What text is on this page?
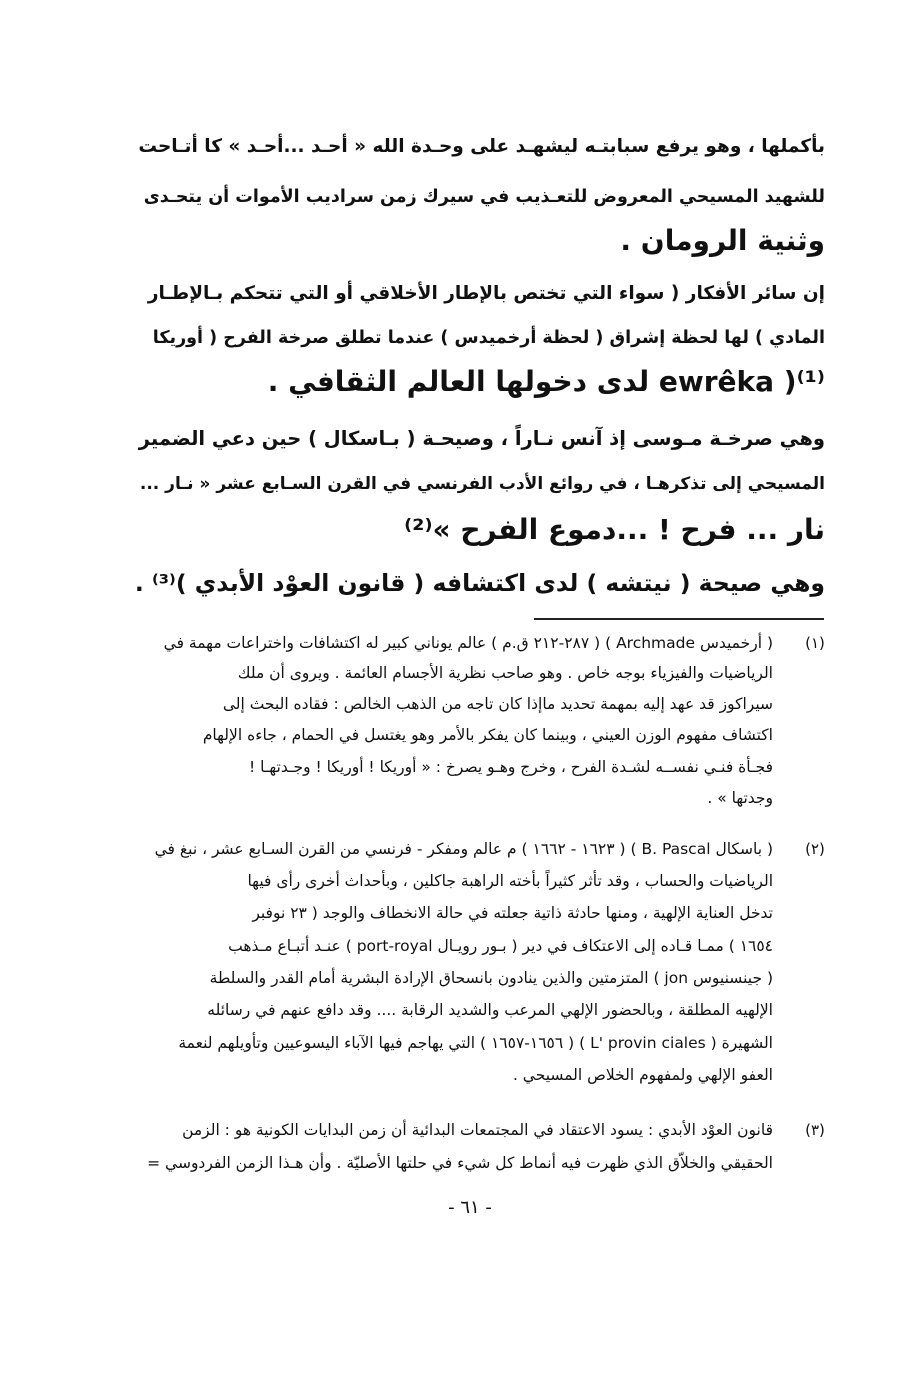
بأكملها ، وهو يرفع سبابتـه ليشهـد على وحـدة الله « أحـد ...أحـد » كا أتـاحت
للشهيد المسيحي المعروض للتعـذيب في سيرك زمن سراديب الأموات أن يتحـدى
وثنية الرومان .
إن سائر الأفكار ( سواء التي تختص بالإطار الأخلاقي أو التي تتحكم بـالإطـار
المادي ) لها لحظة إشراق ( لحظة أرخميدس ) عندما تطلق صرخة الفرح ( أوريكا
ewrêka )⁽¹⁾ لدى دخولها العالم الثقافي .
وهي صرخـة مـوسى إذ آنس نـاراً ، وصيحـة ( بـاسكال ) حين دعي الضمير
المسيحي إلى تذكرهـا ، في روائع الأدب الفرنسي في القرن السـابع عشر « نـار ...
نار ... فرح ! ...دموع الفرح »⁽²⁾
وهي صيحة ( نيتشه ) لدى اكتشافه ( قانون العوْد الأبدي )⁽³⁾ .
(١)
( أرخميدس Archmade ) ( ٢٨٧-٢١٢ ق.م ) عالم يوناني كبير له اكتشافات واختراعات مهمة في
الرياضيات والفيزياء بوجه خاص . وهو صاحب نظرية الأجسام العائمة . ويروى أن ملك
سيراكوز قد عهد إليه بمهمة تحديد ماإذا كان تاجه من الذهب الخالص : فقاده البحث إلى
اكتشاف مفهوم الوزن العيني ، وبينما كان يفكر بالأمر وهو يغتسل في الحمام ، جاءه الإلهام
فجـأة فنـي نفســه لشـدة الفرح ، وخرج وهـو يصرخ : « أوريكا ! أوريكا ! وجـدتهـا !
وجدتها » .
(٢)
( باسكال B. Pascal ) ( ١٦٢٣ - ١٦٦٢ ) م عالم ومفكر - فرنسي من القرن السـابع عشر ، نبغ في
الرياضيات والحساب ، وقد تأثر كثيراً بأخته الراهبة جاكلين ، وبأحداث أخرى رأى فيها
تدخل العناية الإلهية ، ومنها حادثة ذاتية جعلته في حالة الانخطاف والوجد ( ٢٣ نوفبر
١٦٥٤ ) ممـا قـاده إلى الاعتكاف في دير ( بـور رويـال port-royal ) عنـد أتبـاع مـذهب
( جينسنيوس jon ) المتزمتين والذين ينادون بانسحاق الإرادة البشرية أمام القدر والسلطة
الإلهيه المطلقة ، وبالحضور الإلهي المرعب والشديد الرقابة .... وقد دافع عنهم في رسائله
الشهيرة ( L' provin ciales ) ( ١٦٥٦-١٦٥٧ ) التي يهاجم فيها الآباء اليسوعيين وتأويلهم لنعمة
العفو الإلهي ولمفهوم الخلاص المسيحي .
(٣)
قانون العوْد الأبدي : يسود الاعتقاد في المجتمعات البدائية أن زمن البدايات الكونية هو : الزمن
الحقيقي والخلاّق الذي ظهرت فيه أنماط كل شيء في حلتها الأصليّة . وأن هـذا الزمن الفردوسي =
- ٦١ -
